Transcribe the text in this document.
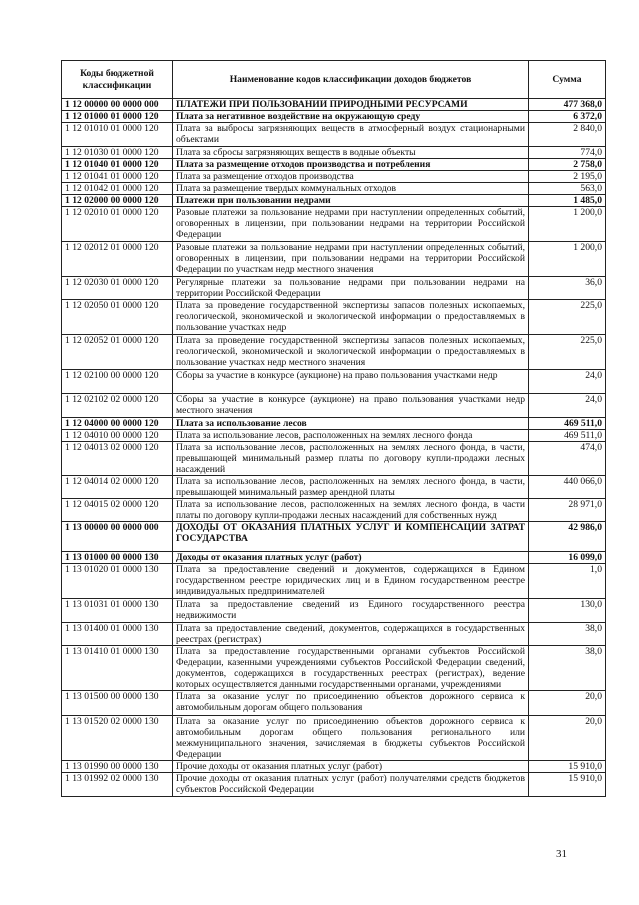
Коды бюджетной классификации	Наименование кодов классификации доходов бюджетов	Сумма
1 12 00000 00 0000 000	ПЛАТЕЖИ ПРИ ПОЛЬЗОВАНИИ ПРИРОДНЫМИ РЕСУРСАМИ	477 368,0
1 12 01000 01 0000 120	Плата за негативное воздействие на окружающую среду	6 372,0
1 12 01010 01 0000 120	Плата за выбросы загрязняющих веществ в атмосферный воздух стационарными объектами	2 840,0
1 12 01030 01 0000 120	Плата за сбросы загрязняющих веществ в водные объекты	774,0
1 12 01040 01 0000 120	Плата за размещение отходов производства и потребления	2 758,0
1 12 01041 01 0000 120	Плата за размещение отходов производства	2 195,0
1 12 01042 01 0000 120	Плата за размещение твердых коммунальных отходов	563,0
1 12 02000 00 0000 120	Платежи при пользовании недрами	1 485,0
1 12 02010 01 0000 120	Разовые платежи за пользование недрами при наступлении определенных событий, оговоренных в лицензии, при пользовании недрами на территории Российской Федерации	1 200,0
1 12 02012 01 0000 120	Разовые платежи за пользование недрами при наступлении определенных событий, оговоренных в лицензии, при пользовании недрами на территории Российской Федерации по участкам недр местного значения	1 200,0
1 12 02030 01 0000 120	Регулярные платежи за пользование недрами при пользовании недрами на территории Российской Федерации	36,0
1 12 02050 01 0000 120	Плата за проведение государственной экспертизы запасов полезных ископаемых, геологической, экономической и экологической информации о предоставляемых в пользование участках недр	225,0
1 12 02052 01 0000 120	Плата за проведение государственной экспертизы запасов полезных ископаемых, геологической, экономической и экологической информации о предоставляемых в пользование участках недр местного значения	225,0
1 12 02100 00 0000 120	Сборы за участие в конкурсе (аукционе) на право пользования участками недр	24,0
1 12 02102 02 0000 120	Сборы за участие в конкурсе (аукционе) на право пользования участками недр местного значения	24,0
1 12 04000 00 0000 120	Плата за использование лесов	469 511,0
1 12 04010 00 0000 120	Плата за использование лесов, расположенных на землях лесного фонда	469 511,0
1 12 04013 02 0000 120	Плата за использование лесов, расположенных на землях лесного фонда, в части, превышающей минимальный размер платы по договору купли-продажи лесных насаждений	474,0
1 12 04014 02 0000 120	Плата за использование лесов, расположенных на землях лесного фонда, в части, превышающей минимальный размер арендной платы	440 066,0
1 12 04015 02 0000 120	Плата за использование лесов, расположенных на землях лесного фонда, в части платы по договору купли-продажи лесных насаждений для собственных нужд	28 971,0
1 13 00000 00 0000 000	ДОХОДЫ ОТ ОКАЗАНИЯ ПЛАТНЫХ УСЛУГ И КОМПЕНСАЦИИ ЗАТРАТ ГОСУДАРСТВА	42 986,0
1 13 01000 00 0000 130	Доходы от оказания платных услуг (работ)	16 099,0
1 13 01020 01 0000 130	Плата за предоставление сведений и документов, содержащихся в Едином государственном реестре юридических лиц и в Едином государственном реестре индивидуальных предпринимателей	1,0
1 13 01031 01 0000 130	Плата за предоставление сведений из Единого государственного реестра недвижимости	130,0
1 13 01400 01 0000 130	Плата за предоставление сведений, документов, содержащихся в государственных реестрах (регистрах)	38,0
1 13 01410 01 0000 130	Плата за предоставление государственными органами субъектов Российской Федерации, казенными учреждениями субъектов Российской Федерации сведений, документов, содержащихся в государственных реестрах (регистрах), ведение которых осуществляется данными государственными органами, учреждениями	38,0
1 13 01500 00 0000 130	Плата за оказание услуг по присоединению объектов дорожного сервиса к автомобильным дорогам общего пользования	20,0
1 13 01520 02 0000 130	Плата за оказание услуг по присоединению объектов дорожного сервиса к автомобильным дорогам общего пользования регионального или межмуниципального значения, зачисляемая в бюджеты субъектов Российской Федерации	20,0
1 13 01990 00 0000 130	Прочие доходы от оказания платных услуг (работ)	15 910,0
1 13 01992 02 0000 130	Прочие доходы от оказания платных услуг (работ) получателями средств бюджетов субъектов Российской Федерации	15 910,0
31
